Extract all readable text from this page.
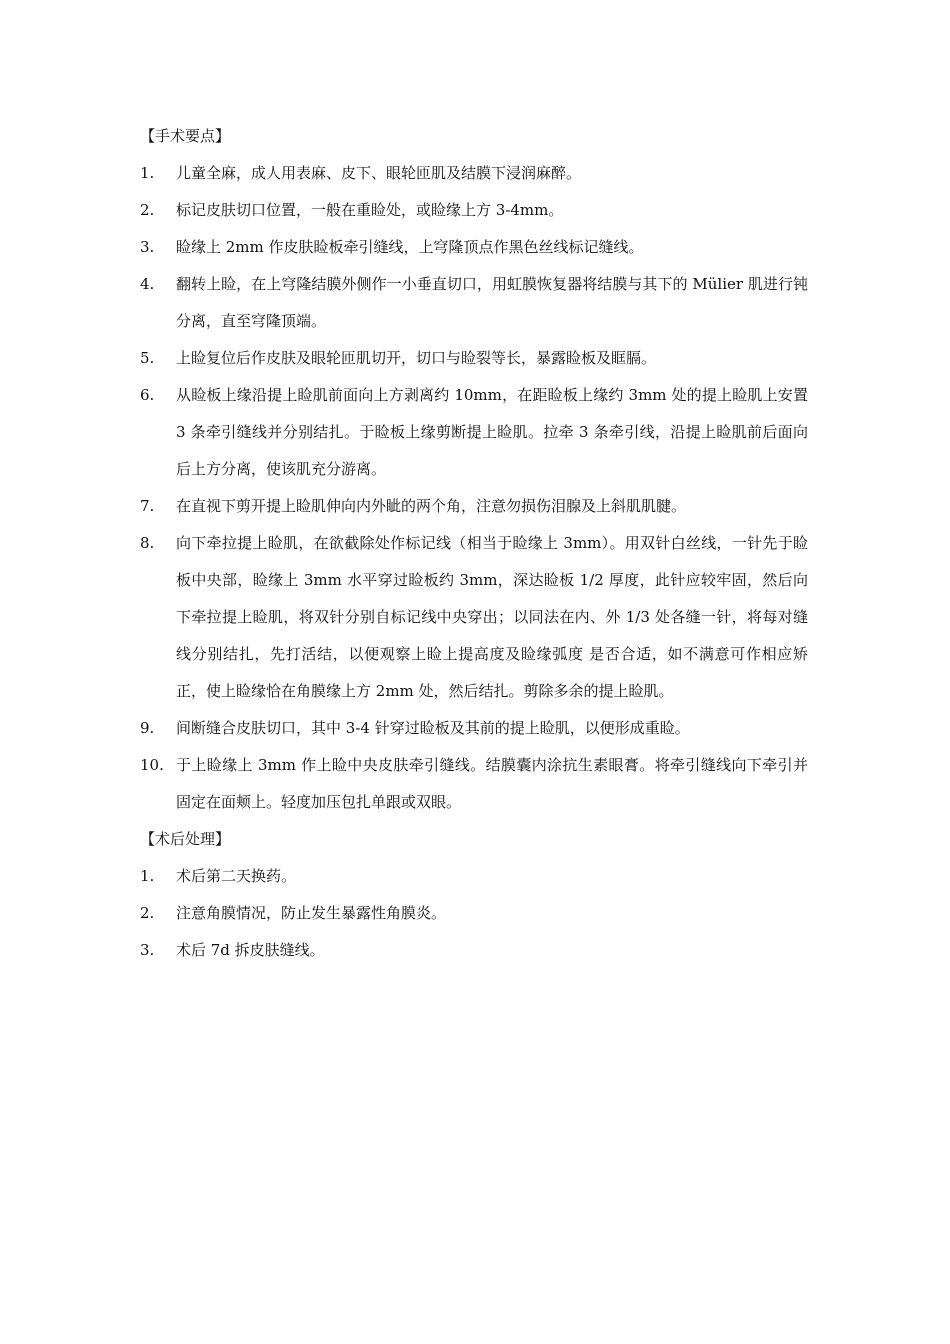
【手术要点】
1.	儿童全麻，成人用表麻、皮下、眼轮匝肌及结膜下浸润麻醉。
2.	标记皮肤切口位置，一般在重睑处，或睑缘上方 3-4mm。
3.	睑缘上 2mm 作皮肤睑板牵引缝线，上穹隆顶点作黑色丝线标记缝线。
4.	翻转上睑，在上穹隆结膜外侧作一小垂直切口，用虹膜恢复器将结膜与其下的 Mülier 肌进行钝分离，直至穹隆顶端。
5.	上睑复位后作皮肤及眼轮匝肌切开，切口与睑裂等长，暴露睑板及眶膈。
6.	从睑板上缘沿提上睑肌前面向上方剥离约 10mm，在距睑板上缘约 3mm 处的提上睑肌上安置 3 条牵引缝线并分别结扎。于睑板上缘剪断提上睑肌。拉牵 3 条牵引线，沿提上睑肌前后面向后上方分离，使该肌充分游离。
7.	在直视下剪开提上睑肌伸向内外眦的两个角，注意勿损伤泪腺及上斜肌肌腱。
8.	向下牵拉提上睑肌，在欲截除处作标记线（相当于睑缘上 3mm）。用双针白丝线，一针先于睑板中央部，睑缘上 3mm 水平穿过睑板约 3mm，深达睑板 1/2 厚度，此针应较牢固，然后向下牵拉提上睑肌，将双针分别自标记线中央穿出；以同法在内、外 1/3 处各缝一针，将每对缝线分别结扎，先打活结，以便观察上睑上提高度及睑缘弧度 是否合适，如不满意可作相应矫正，使上睑缘恰在角膜缘上方 2mm 处，然后结扎。剪除多余的提上睑肌。
9.	间断缝合皮肤切口，其中 3-4 针穿过睑板及其前的提上睑肌，以便形成重睑。
10. 于上睑缘上 3mm 作上睑中央皮肤牵引缝线。结膜囊内涂抗生素眼膏。将牵引缝线向下牵引并固定在面颊上。轻度加压包扎单跟或双眼。
【术后处理】
1.	术后第二天换药。
2.	注意角膜情况，防止发生暴露性角膜炎。
3.	术后 7d 拆皮肤缝线。
